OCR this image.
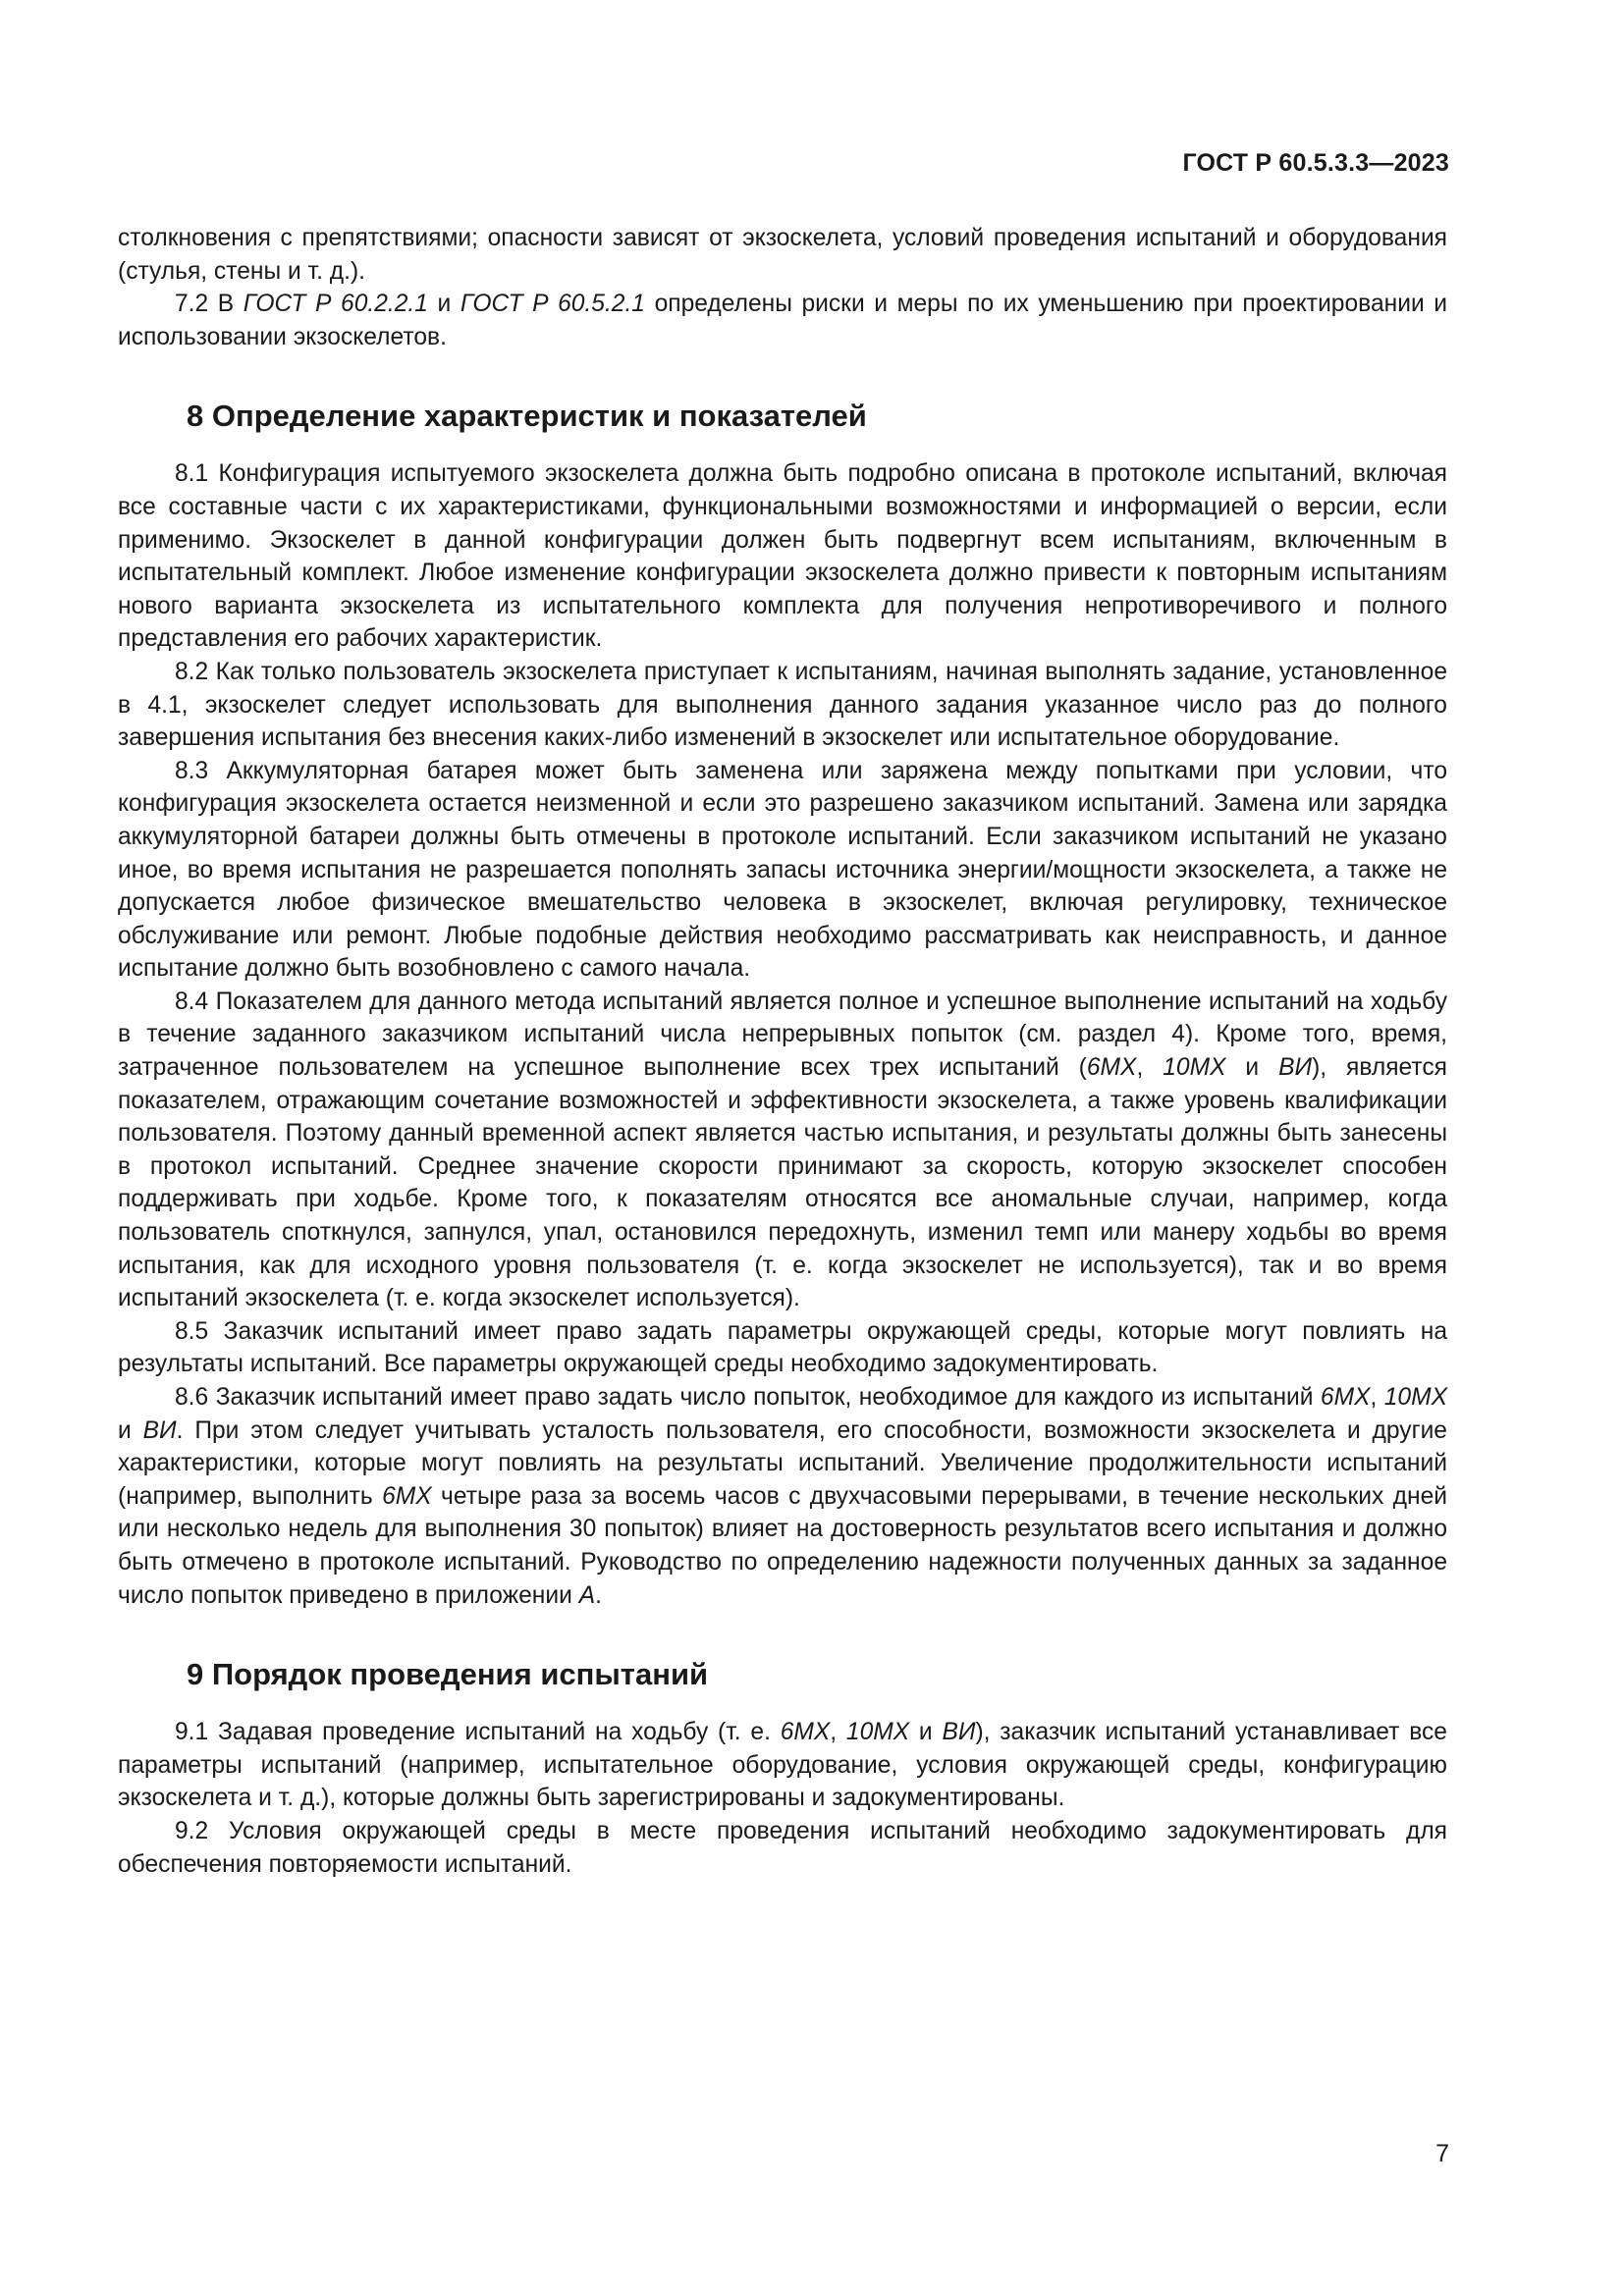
ГОСТ Р 60.5.3.3—2023

столкновения с препятствиями; опасности зависят от экзоскелета, условий проведения испытаний и оборудования (стулья, стены и т. д.).

7.2 В ГОСТ Р 60.2.2.1 и ГОСТ Р 60.5.2.1 определены риски и меры по их уменьшению при проектировании и использовании экзоскелетов.

8 Определение характеристик и показателей

8.1 Конфигурация испытуемого экзоскелета должна быть подробно описана в протоколе испытаний, включая все составные части с их характеристиками, функциональными возможностями и информацией о версии, если применимо. Экзоскелет в данной конфигурации должен быть подвергнут всем испытаниям, включенным в испытательный комплект. Любое изменение конфигурации экзоскелета должно привести к повторным испытаниям нового варианта экзоскелета из испытательного комплекта для получения непротиворечивого и полного представления его рабочих характеристик.

8.2 Как только пользователь экзоскелета приступает к испытаниям, начиная выполнять задание, установленное в 4.1, экзоскелет следует использовать для выполнения данного задания указанное число раз до полного завершения испытания без внесения каких-либо изменений в экзоскелет или испытательное оборудование.

8.3 Аккумуляторная батарея может быть заменена или заряжена между попытками при условии, что конфигурация экзоскелета остается неизменной и если это разрешено заказчиком испытаний. Замена или зарядка аккумуляторной батареи должны быть отмечены в протоколе испытаний. Если заказчиком испытаний не указано иное, во время испытания не разрешается пополнять запасы источника энергии/мощности экзоскелета, а также не допускается любое физическое вмешательство человека в экзоскелет, включая регулировку, техническое обслуживание или ремонт. Любые подобные действия необходимо рассматривать как неисправность, и данное испытание должно быть возобновлено с самого начала.

8.4 Показателем для данного метода испытаний является полное и успешное выполнение испытаний на ходьбу в течение заданного заказчиком испытаний числа непрерывных попыток (см. раздел 4). Кроме того, время, затраченное пользователем на успешное выполнение всех трех испытаний (6МХ, 10МХ и ВИ), является показателем, отражающим сочетание возможностей и эффективности экзоскелета, а также уровень квалификации пользователя. Поэтому данный временной аспект является частью испытания, и результаты должны быть занесены в протокол испытаний. Среднее значение скорости принимают за скорость, которую экзоскелет способен поддерживать при ходьбе. Кроме того, к показателям относятся все аномальные случаи, например, когда пользователь споткнулся, запнулся, упал, остановился передохнуть, изменил темп или манеру ходьбы во время испытания, как для исходного уровня пользователя (т. е. когда экзоскелет не используется), так и во время испытаний экзоскелета (т. е. когда экзоскелет используется).

8.5 Заказчик испытаний имеет право задать параметры окружающей среды, которые могут повлиять на результаты испытаний. Все параметры окружающей среды необходимо задокументировать.

8.6 Заказчик испытаний имеет право задать число попыток, необходимое для каждого из испытаний 6МХ, 10МХ и ВИ. При этом следует учитывать усталость пользователя, его способности, возможности экзоскелета и другие характеристики, которые могут повлиять на результаты испытаний. Увеличение продолжительности испытаний (например, выполнить 6МХ четыре раза за восемь часов с двухчасовыми перерывами, в течение нескольких дней или несколько недель для выполнения 30 попыток) влияет на достоверность результатов всего испытания и должно быть отмечено в протоколе испытаний. Руководство по определению надежности полученных данных за заданное число попыток приведено в приложении А.

9 Порядок проведения испытаний

9.1 Задавая проведение испытаний на ходьбу (т. е. 6МХ, 10МХ и ВИ), заказчик испытаний устанавливает все параметры испытаний (например, испытательное оборудование, условия окружающей среды, конфигурацию экзоскелета и т. д.), которые должны быть зарегистрированы и задокументированы.

9.2 Условия окружающей среды в месте проведения испытаний необходимо задокументировать для обеспечения повторяемости испытаний.

7
